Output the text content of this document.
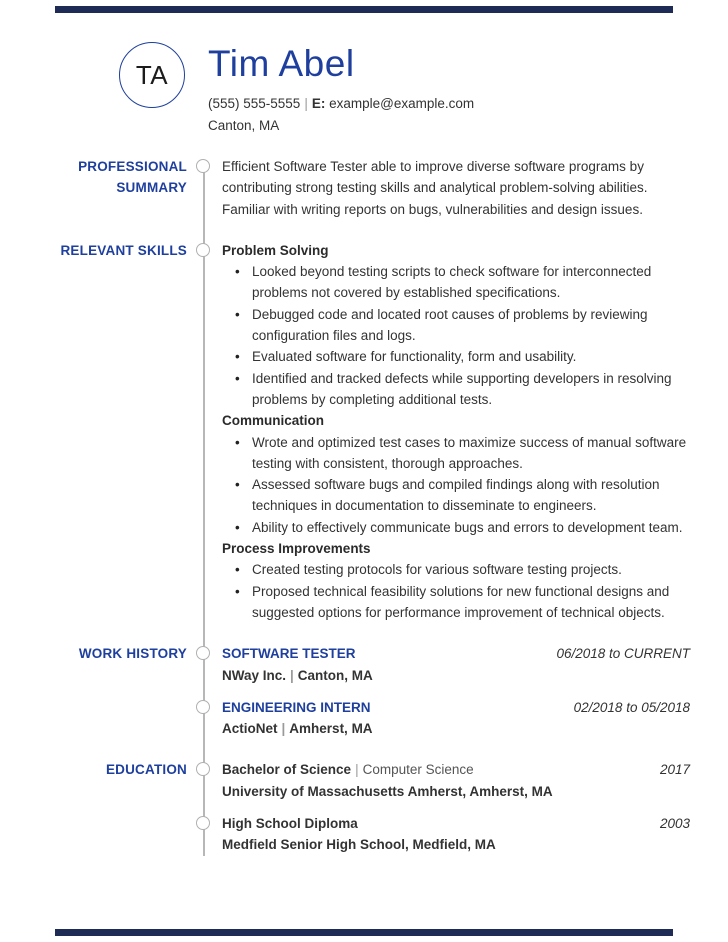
TA Tim Abel
(555) 555-5555 | E: example@example.com
Canton, MA
PROFESSIONAL SUMMARY

Efficient Software Tester able to improve diverse software programs by contributing strong testing skills and analytical problem-solving abilities. Familiar with writing reports on bugs, vulnerabilities and design issues.

RELEVANT SKILLS	Problem Solving
• Looked beyond testing scripts to check software for interconnected problems not covered by established specifications.
• Debugged code and located root causes of problems by reviewing configuration files and logs.
• Evaluated software for functionality, form and usability.
• Identified and tracked defects while supporting developers in resolving problems by completing additional tests.
Communication
• Wrote and optimized test cases to maximize success of manual software testing with consistent, thorough approaches.
• Assessed software bugs and compiled findings along with resolution techniques in documentation to disseminate to engineers.
• Ability to effectively communicate bugs and errors to development team.
Process Improvements
• Created testing protocols for various software testing projects.
• Proposed technical feasibility solutions for new functional designs and suggested options for performance improvement of technical objects.
WORK HISTORY	SOFTWARE TESTER	06/2018 to CURRENT
NWay Inc. | Canton, MA
ENGINEERING INTERN	02/2018 to 05/2018
ActioNet | Amherst, MA
EDUCATION	Bachelor of Science | Computer Science	2017
University of Massachusetts Amherst, Amherst, MA
High School Diploma	2003
Medfield Senior High School, Medfield, MA
